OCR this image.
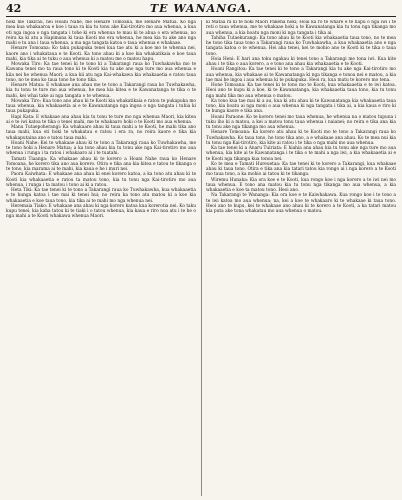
42	TE WANANGA.

hoki me Takirau, nei Hoani Nahe, me Henare Tomoana, me Henare Matua. Ko nga mea kua whakaaroa e koe i taua ra kia tu tonu ake Kai-tirotiro mo aua whenua, a kua oti nga ingoa o nga tangata i tohe ki era whenua te mau ki te ahua o era whenua, no reira ka ki atu a Hapimana ki taua Kooti mo era whenua, he mea kia tu ake ano nga mahi e tu ana i taua whenua, a ma nga tangata katoa o taua whenua e whakaae.

Henare Tomoana: Ko taku pukapuka tenei kua tae atu ki a koe mo te whenua nei, kaore ano i whakataua e te Kooti. Ka tono ahau ki a koe kia whakatikaia e koe taua mahi, kia tika ai te tuku o aua whenua ki a matou me o matou hapu.

Mowaka Tiro: Ka tae tenei ki te tono ki a Takarangi raua ko Tuwhakawha mo te Kawana tenei mo ta raua tono ki te Kooti kia tu ake ano nga ture mo aua whenua e kiia nei he whenua Maori; a kua kii atu nga Kai-whakawa kia whakaaetia e ratou taua tono, no te mea ko taua tono he tono tika.

Henare Matua: E whakaae ana ahau me te tono a Takarangi raua ko Tuwhakawha, kia tu tonu te ture mo aua whenua, he mea kia kitea e te Kawanatanga te tika o te mahi, kei whai take ai nga tangata o te whenua.

Mowaka Tiro: Kua tono ano ahau ki te Kooti kia whakatikaia e ratou te pukapuka mo taua whenua, kia whakaaetia ai e te Kawanatanga nga ingoa o nga tangata i tuhia ki taua pukapuka.

Hapi Kata: E whakaae ana ahau kia tu tonu te ture mo nga whenua Maori, kia kitea ai e te iwi katoa te tika o tenei mahi, me te whakaaro hoki o te Kooti mo aua whenua.

Manu Tutaepoherangi: Ka whakaaro ahau ki taua mahi a te Kooti, he mahi tika ano taua mahi, kua oti hoki te whakatau e ratou i era ra, no reira kaore e tika kia whakaputaina ano e tatou taua mahi.

Hoani Nahe: Kei te whakaae ahau ki te tono a Takarangi raua ko Tuwhakawha, me te tono hoki a Henare Matua; a ka tono ahau kia tu tonu ake nga Kai-tirotiro mo aua whenua i runga i ta ratou i whakaaro ai i te tuatahi.

Tamati Tiaanga: Ka whakaae ahau ki te korero a Hoani Nahe raua ko Henare Tomoana, he korero tika ano aua korero. Otira e tika ana kia kitea e tatou te tikanga o te tono, kia marama ai te mahi, kia kaua e he i muri nei.

Paora Kaiwhata: E whakaae ana ahau ki enei korero katoa, a ka tono atu ahau ki te Kooti kia whakaaetia e ratou ta matou tono, kia tu tonu nga Kai-tirotiro mo aua whenua, i runga i ta matou i tono ai ki a ratou.

Heta Tiki: Ka tae tenei ki te tono a Takarangi raua ko Tuwhakawha, kua whakaaetia e te hunga katoa i tae mai ki tenei hui; no reira ka tono atu matou ki a koe kia whakaaetia e koe taua tono, kia tika ai te mahi mo nga whenua nei.

Heremaia Tiako: E whakaae ana ahau ki nga korero katoa kua korerotia nei. Ko taku kupu tenei, kia kaha tatou ki te tiaki i o tatou whenua, kia kaua e riro noa atu i te he o nga mahi a te Kooti whakawa whenua Maori.

ki Mataa ra ki te hoki Maori Pakeha hoki; Hoai ka ro te whare e te hapu o nga iwi i te reti o taua whenua, me te whakaae hoki a te Kawanatanga kia tu tonu nga tikanga mo aua whenua, a kia hoatu nga moni ki nga tangata i tika ai.

Tahiha Tutaekurangi: Ka tono ahau ki te Kooti kia whakaaetia taua tono, no te mea he tono tika taua tono a Takarangi raua ko Tuwhakawha, a kua whakaaetia ano e nga tangata katoa o te whenua. Hei aha tenei, kei te mohio ano te Kooti ki te tika o taua tono.

Hoia Heni: E hari ana toku ngakau ki tenei tono a Takarangi me tona iwi. Kua kite ahau i te tika o aua korero, a e tono ana ahau kia whakaaetia e te Kooti.

Hoani Rangitoa: Ka tae tenei ki te tono a Takarangi kia tu ake nga Kai-tirotiro mo aua whenua, kia whakaae ai te Kawanatanga ki nga tikanga e tonoa nei e matou, a kia tae mai he ingoa i aua whenua ki te pukapuka. Heoi ra, kua mutu te korero mo tena.

Hone Tomoana: Ka tae tenei ki te tono mo te Kooti, kua whakaaetia e te iwi katoa. Heoi ano te kupu ki a koe, ki te Kawanatanga, kia whakaaetia taua tono, kia tu tonu nga mahi tika mo aua whenua o matou.

Ka tono kua tae mai ki a au, kua ki atu ahau ki te Kawanatanga kia whakaaetia taua tono, kia hoatu ai nga moni o aua whenua ki nga tangata i tika ai, a kia kaua e riro ki te hunga kaore e tika ana.

Hoani Paraone: Ko te korero tenei mo taua whenua, he whenua na o matou tupuna i tuku iho ki a matou, a kei a matou tonu taua whenua i naianei; no reira e tika ana kia tu tonu ake nga tikanga mo aua whenua.

Henare Tomoana: Ka korero atu ahau ki te Kooti mo te tono a Takarangi raua ko Tuwhakawha. Ko taua tono, he tono tika ano, a e whakaae ana ahau. Ko te mea nui kia tu tonu nga Kai-tirotiro, kia kite ai ratou i te tika o nga mahi mo aua whenua.

Ka tae tenei ki a Anaru Tuiriata: E hiahia ana ahau kia tu tonu ake nga ture mo aua whenua, kia kite ai te Kawanatanga i te tika o te mahi a nga iwi, a kia whakaaetia ai e te Kooti nga tikanga kua tonoa nei.

Ko te mea e Tamati Hureuetaa: Ka tae tenei ki te korero a Takarangi, kua whakaae ahau ki taua tono. Otira e tika ana kia tatari tatou kia rongo ai i nga korero a te Kooti mo taua tono, a ka mohio ai tatou ki te tikanga.

Wiremu Hunaka: Kia ora koe e te Kooti, kua rongo koe i nga korero a te iwi nei mo taua whenua. E tono ana matou kia tu tonu nga tikanga mo aua whenua, a kia whakaaetia e koe ta matou tono. Heoi ano.

Na Takarangi te Wananga: Kia ora koe e te Kaiwhakawa. Kua rongo koe i te tono a te iwi katoa mo aua whenua; na, kei a koe te whakaaro ki te whakaae ki taua tono. Heoi ano te kupu, kei te whakaae ano ahau ki te korero a te Kooti, a ka tatari matou kia puta ake tona whakatau mo aua whenua o matou.
